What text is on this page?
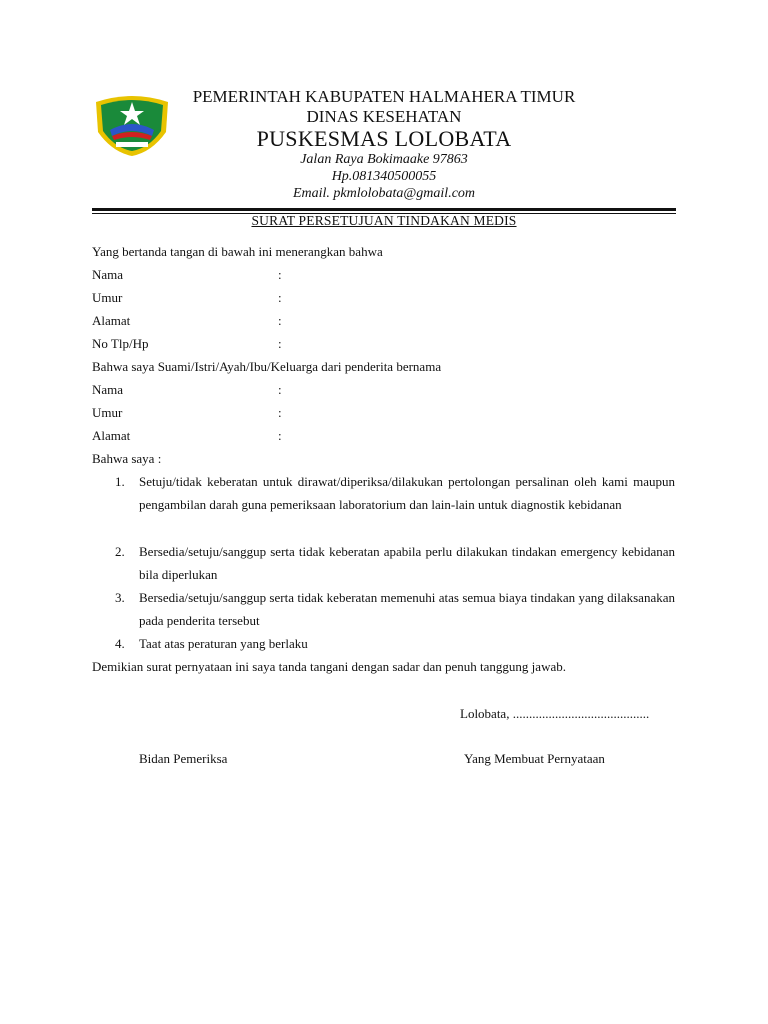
PEMERINTAH KABUPATEN HALMAHERA TIMUR
DINAS KESEHATAN
PUSKESMAS LOLOBATA
Jalan Raya Bokimaake 97863
Hp.081340500055
Email. pkmlolobata@gmail.com
SURAT PERSETUJUAN TINDAKAN MEDIS
Yang bertanda tangan di bawah ini menerangkan bahwa
Nama	:
Umur	:
Alamat	:
No Tlp/Hp	:
Bahwa saya Suami/Istri/Ayah/Ibu/Keluarga dari penderita bernama
Nama	:
Umur	:
Alamat	:
Bahwa saya :
1. Setuju/tidak keberatan untuk dirawat/diperiksa/dilakukan pertolongan persalinan oleh kami maupun pengambilan darah guna pemeriksaan laboratorium dan lain-lain untuk diagnostik kebidanan
2. Bersedia/setuju/sanggup serta tidak keberatan apabila perlu dilakukan tindakan emergency kebidanan bila diperlukan
3. Bersedia/setuju/sanggup serta tidak keberatan memenuhi atas semua biaya tindakan yang dilaksanakan pada penderita tersebut
4. Taat atas peraturan yang berlaku
Demikian surat pernyataan ini saya tanda tangani dengan sadar dan penuh tanggung jawab.
Lolobata, ..........................................
Bidan Pemeriksa	Yang Membuat Pernyataan
